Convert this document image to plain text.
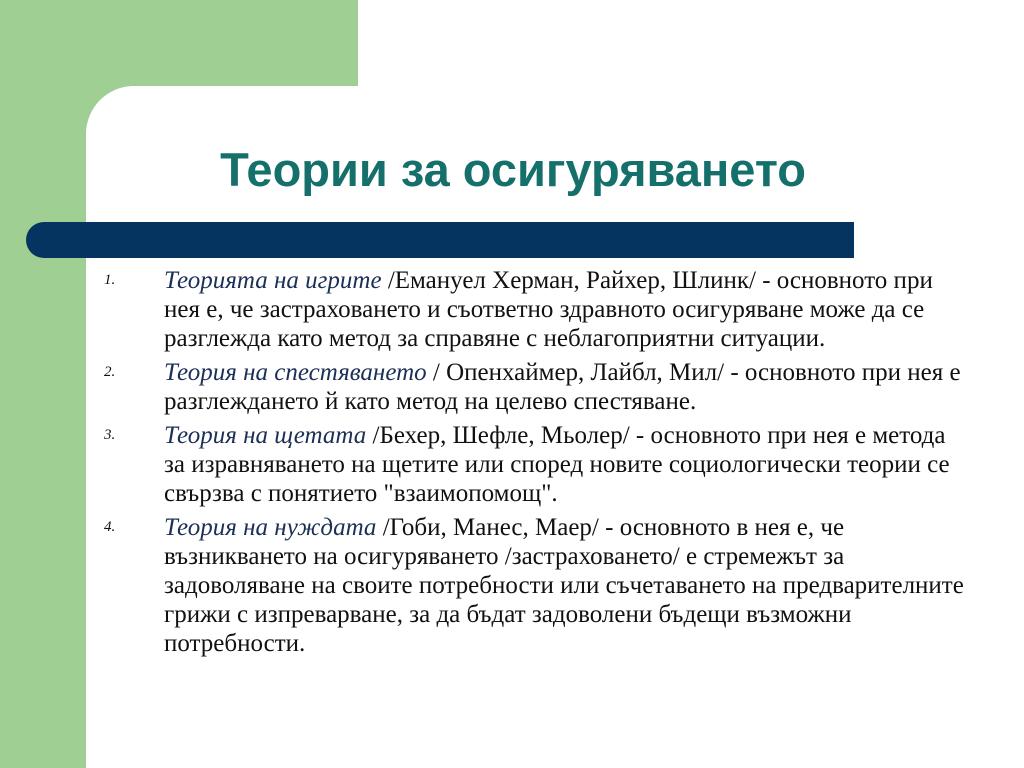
Теории за осигуряването
1. Теорията на игрите /Емануел Херман, Райхер, Шлинк/ - основното при нея е, че застраховането и съответно здравното осигуряване може да се разглежда като метод за справяне с неблагоприятни ситуации.
2. Теория на спестяването / Опенхаймер, Лайбл, Мил/ - основното при нея е разглеждането й като метод на целево спестяване.
3. Теория на щетата /Бехер, Шефле, Мьолер/ - основното при нея е метода за изравняването на щетите или според новите социологически теории се свързва с понятието "взаимопомощ".
4. Теория на нуждата /Гоби, Манес, Маер/ - основното в нея е, че възникването на осигуряването /застраховането/ е стремежът за задоволяване на своите потребности или съчетаването на предварителните грижи с изпреварване, за да бъдат задоволени бъдещи възможни потребности.
